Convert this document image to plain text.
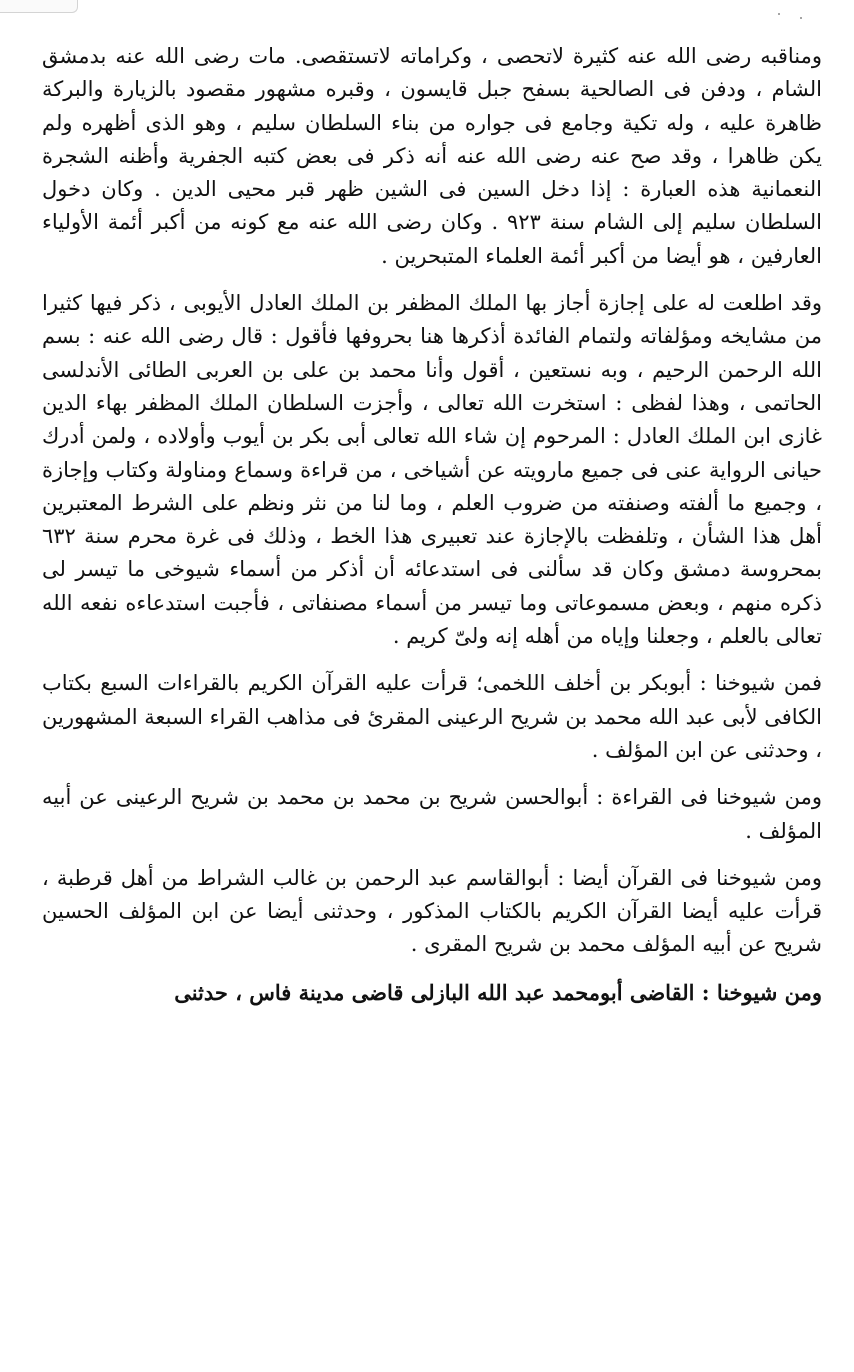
ومناقبه رضى الله عنه كثيرة لاتحصى ، وكراماته لاتستقصى. مات رضى الله عنه بدمشق الشام ، ودفن فى الصالحية بسفح جبل قايسون ، وقبره مشهور مقصود بالزيارة والبركة ظاهرة عليه ، وله تكية وجامع فى جواره من بناء السلطان سليم ، وهو الذى أظهره ولم يكن ظاهرا ، وقد صح عنه رضى الله عنه أنه ذكر فى بعض كتبه الجفرية وأظنه الشجرة النعمانية هذه العبارة : إذا دخل السين فى الشين ظهر قبر محيى الدين . وكان دخول السلطان سليم إلى الشام سنة ٩٢٣ . وكان رضى الله عنه مع كونه من أكبر أئمة الأولياء العارفين ، هو أيضا من أكبر أئمة العلماء المتبحرين .

وقد اطلعت له على إجازة أجاز بها الملك المظفر بن الملك العادل الأيوبى ، ذكر فيها كثيرا من مشايخه ومؤلفاته ولتمام الفائدة أذكرها هنا بحروفها فأقول : قال رضى الله عنه : بسم الله الرحمن الرحيم ، وبه نستعين ، أقول وأنا محمد بن على بن العربى الطائى الأندلسى الحاتمى ، وهذا لفظى : استخرت الله تعالى ، وأجزت السلطان الملك المظفر بهاء الدين غازى ابن الملك العادل : المرحوم إن شاء الله تعالى أبى بكر بن أيوب وأولاده ، ولمن أدرك حيانى الرواية عنى فى جميع مارويته عن أشياخى ، من قراءة وسماع ومناولة وكتاب وإجازة ، وجميع ما ألفته وصنفته من ضروب العلم ، وما لنا من نثر ونظم على الشرط المعتبرين أهل هذا الشأن ، وتلفظت بالإجازة عند تعبيرى هذا الخط ، وذلك فى غرة محرم سنة ٦٣٢ بمحروسة دمشق وكان قد سألنى فى استدعائه أن أذكر من أسماء شيوخى ما تيسر لى ذكره منهم ، وبعض مسموعاتى وما تيسر من أسماء مصنفاتى ، فأجبت استدعاءه نفعه الله تعالى بالعلم ، وجعلنا وإياه من أهله إنه ولىّ كريم .

فمن شيوخنا : أبوبكر بن أخلف اللخمى؛ قرأت عليه القرآن الكريم بالقراءات السبع بكتاب الكافى لأبى عبد الله محمد بن شريح الرعينى المقرئ فى مذاهب القراء السبعة المشهورين ، وحدثنى عن ابن المؤلف .

ومن شيوخنا فى القراءة : أبوالحسن شريح بن محمد بن محمد بن شريح الرعينى عن أبيه المؤلف .

ومن شيوخنا فى القرآن أيضا : أبوالقاسم عبد الرحمن بن غالب الشراط من أهل قرطبة ، قرأت عليه أيضا القرآن الكريم بالكتاب المذكور ، وحدثنى أيضا عن ابن المؤلف الحسين شريح عن أبيه المؤلف محمد بن شريح المقرى .

ومن شيوخنا : القاضى أبومحمد عبد الله البازلى قاضى مدينة فاس ، حدثنى
